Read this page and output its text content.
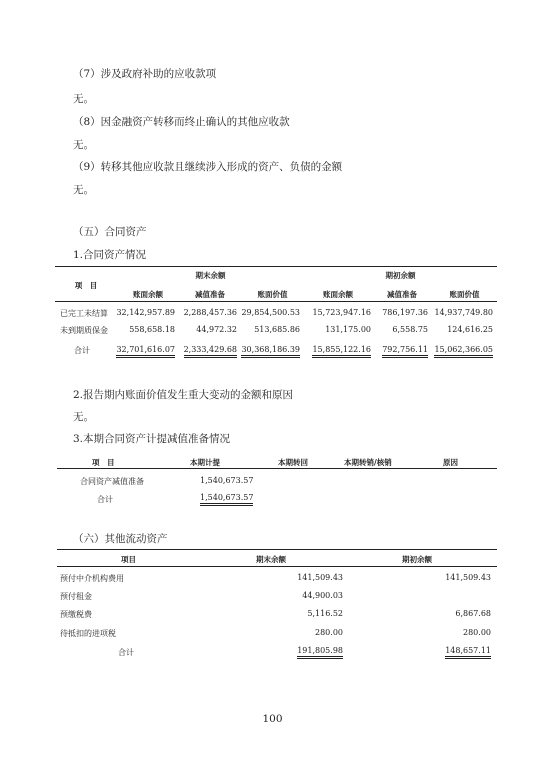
（7）涉及政府补助的应收款项
无。
（8）因金融资产转移而终止确认的其他应收款
无。
（9）转移其他应收款且继续涉入形成的资产、负债的金额
无。
（五）合同资产
1.合同资产情况
项　目
期末余额	期初余额
账面余额	减值准备	账面价值	账面余额	减值准备	账面价值
已完工未结算	32,142,957.89	2,288,457.36 29,854,500.53	15,723,947.16	786,197.36 14,937,749.80
未到期质保金	558,658.18	44,972.32	513,685.86	131,175.00	6,558.75	124,616.25
合计	32,701,616.07	2,333,429.68 30,368,186.39	15,855,122.16	792,756.11 15,062,366.05
2.报告期内账面价值发生重大变动的金额和原因
无。
3.本期合同资产计提减值准备情况
项　目	本期计提	本期转回	本期转销/核销	原因
合同资产减值准备	1,540,673.57
合计	1,540,673.57
（六）其他流动资产
项目	期末余额	期初余额
预付中介机构费用	141,509.43	141,509.43
预付租金	44,900.03
预缴税费	5,116.52	6,867.68
待抵扣的进项税	280.00	280.00
合计	191,805.98	148,657.11
100
